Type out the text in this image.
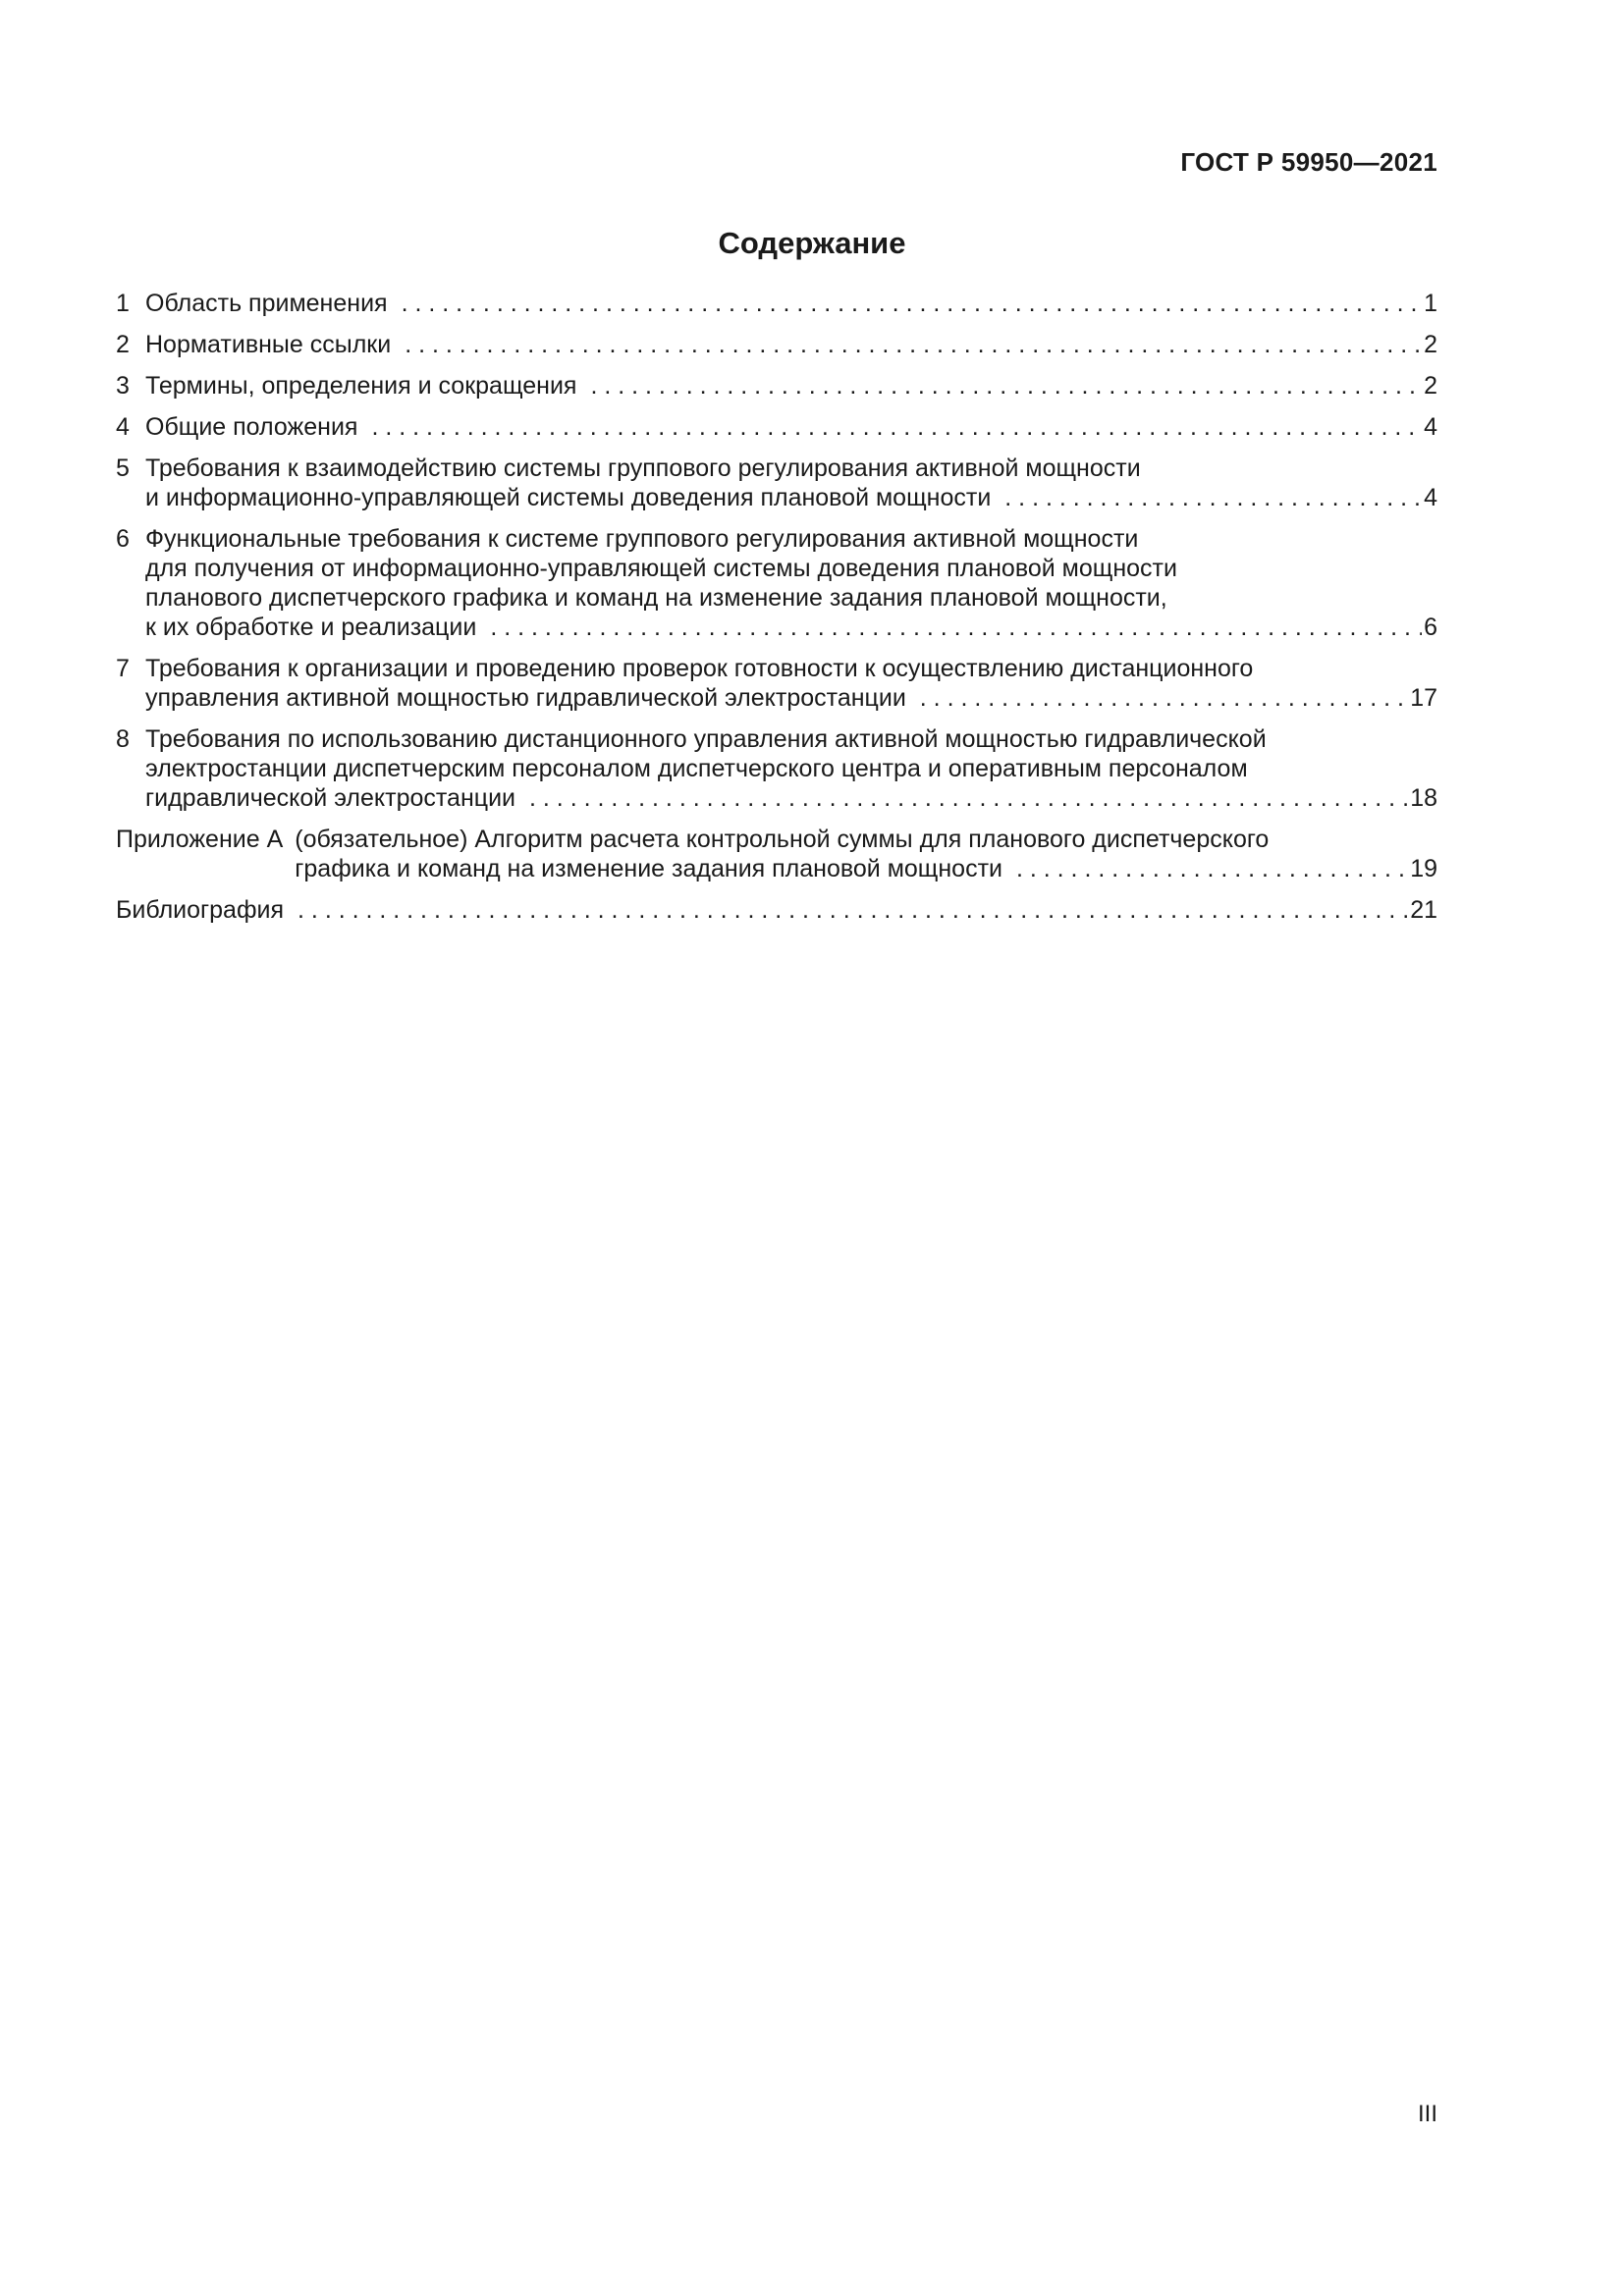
ГОСТ Р 59950—2021
Содержание
1 Область применения . . .	1
2 Нормативные ссылки . . .	2
3 Термины, определения и сокращения . . .	2
4 Общие положения . . .	4
5 Требования к взаимодействию системы группового регулирования активной мощности
и информационно-управляющей системы доведения плановой мощности . . .	4
6 Функциональные требования к системе группового регулирования активной мощности
для получения от информационно-управляющей системы доведения плановой мощности
планового диспетчерского графика и команд на изменение задания плановой мощности,
к их обработке и реализации . . .	6
7 Требования к организации и проведению проверок готовности к осуществлению дистанционного
управления активной мощностью гидравлической электростанции . . .	17
8 Требования по использованию дистанционного управления активной мощностью гидравлической
электростанции диспетчерским персоналом диспетчерского центра и оперативным персоналом
гидравлической электростанции . . .	18
Приложение А (обязательное) Алгоритм расчета контрольной суммы для планового диспетчерского
графика и команд на изменение задания плановой мощности . . .	19
Библиография . . .	21
III
